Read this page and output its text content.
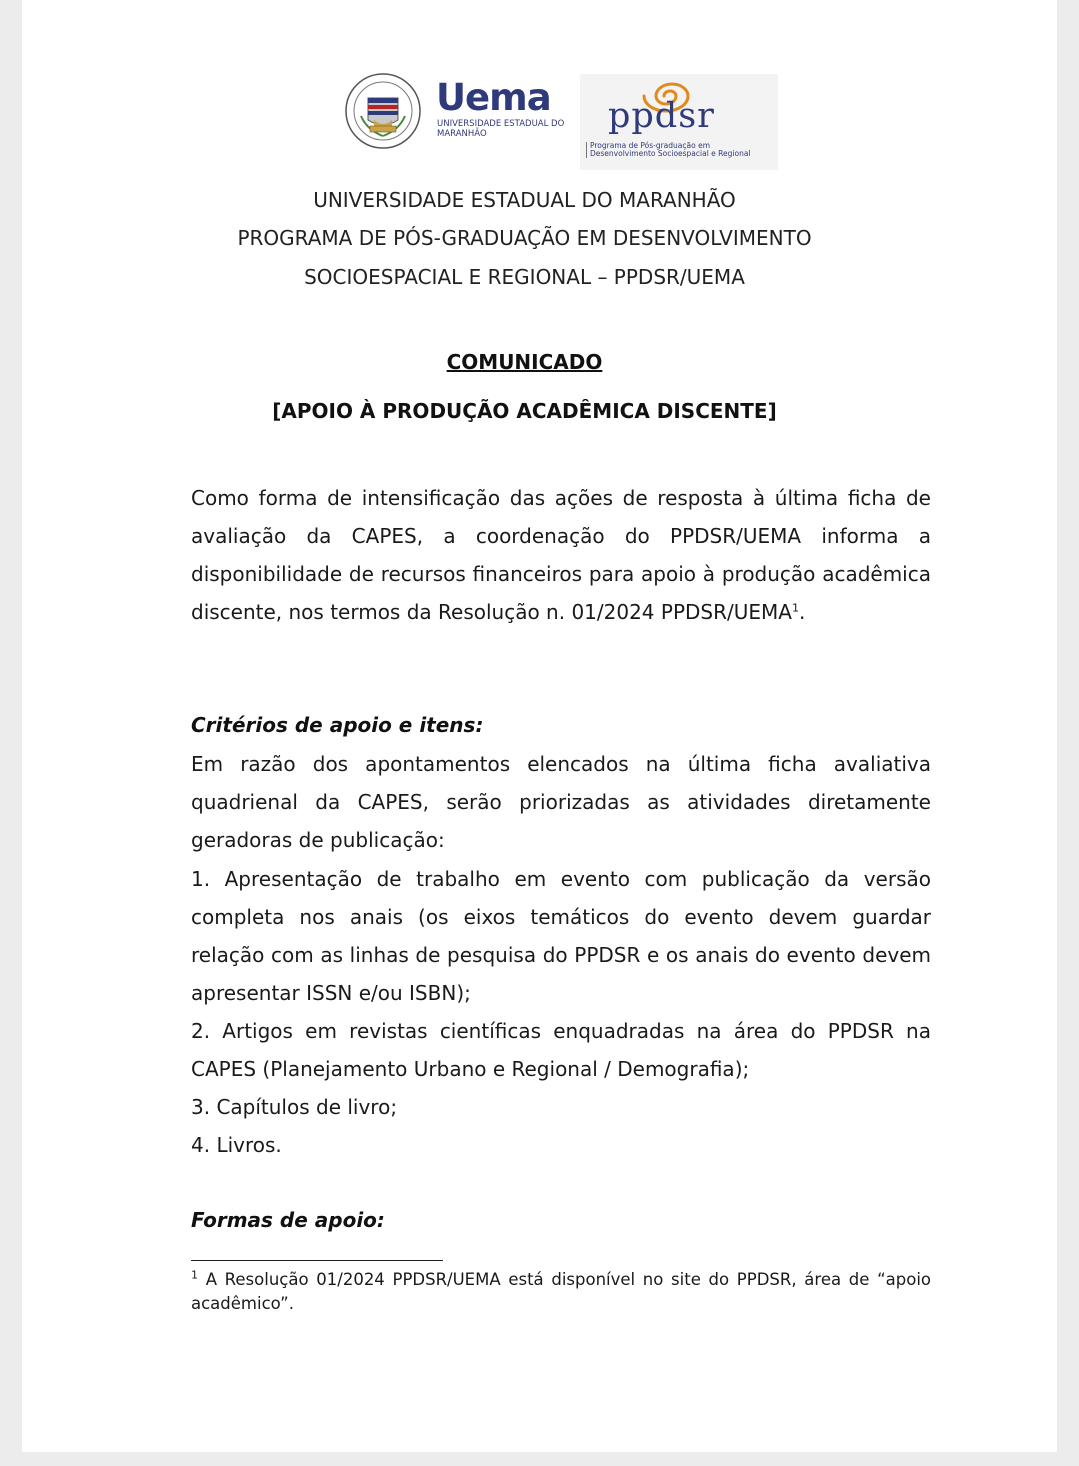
Uema
UNIVERSIDADE ESTADUAL DO MARANHÃO	ppdsr
Programa de Pós-graduação em Desenvolvimento Socioespacial e Regional
UNIVERSIDADE ESTADUAL DO MARANHÃO
PROGRAMA DE PÓS-GRADUAÇÃO EM DESENVOLVIMENTO
SOCIOESPACIAL E REGIONAL – PPDSR/UEMA
COMUNICADO
[APOIO À PRODUÇÃO ACADÊMICA DISCENTE]

Como forma de intensificação das ações de resposta à última ficha de avaliação da CAPES, a coordenação do PPDSR/UEMA informa a disponibilidade de recursos financeiros para apoio à produção acadêmica discente, nos termos da Resolução n. 01/2024 PPDSR/UEMA$^1$.

Critérios de apoio e itens:

Em razão dos apontamentos elencados na última ficha avaliativa quadrienal da CAPES, serão priorizadas as atividades diretamente geradoras de publicação:

1. Apresentação de trabalho em evento com publicação da versão completa nos anais (os eixos temáticos do evento devem guardar relação com as linhas de pesquisa do PPDSR e os anais do evento devem apresentar ISSN e/ou ISBN);

2. Artigos em revistas científicas enquadradas na área do PPDSR na CAPES (Planejamento Urbano e Regional / Demografia);

3. Capítulos de livro;

4. Livros.

Formas de apoio:
$^1$ A Resolução 01/2024 PPDSR/UEMA está disponível no site do PPDSR, área de “apoio acadêmico”.
